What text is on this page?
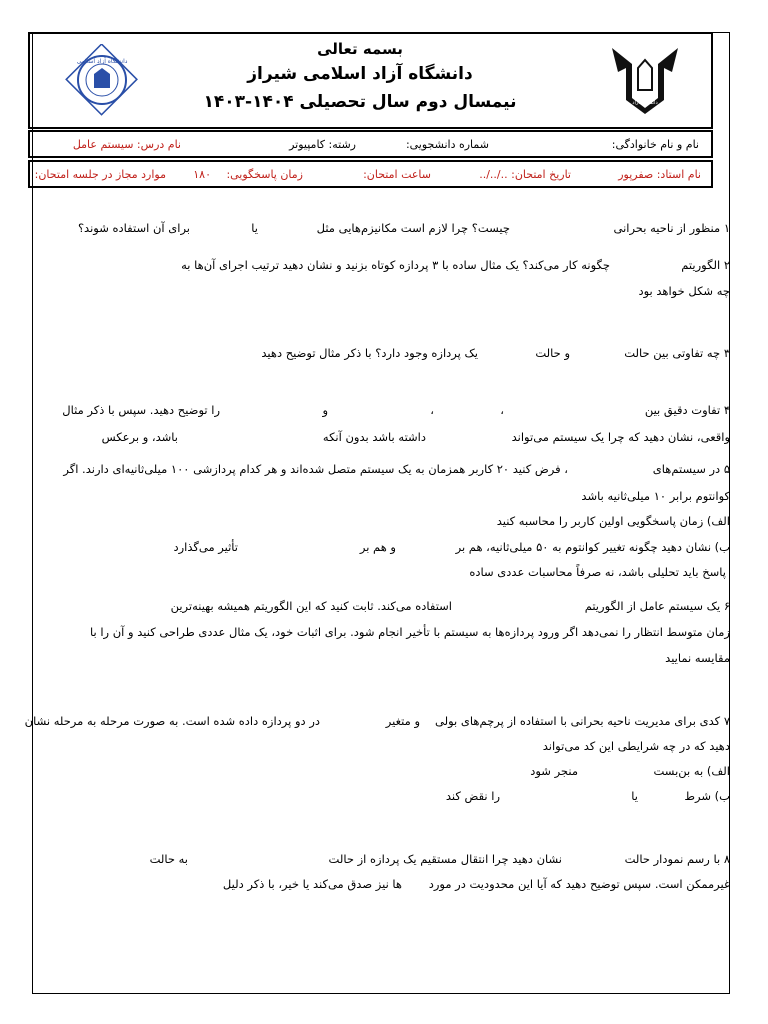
دانشگاه آزاد اسلامی
دانشگاه آزاد
بسمه تعالی
دانشگاه آزاد اسلامی شیراز
نیمسال دوم سال تحصیلی ۱۴۰۴-۱۴۰۳
نام و نام خانوادگی:
شماره دانشجویی:
رشته: کامپیوتر
نام درس: سیستم عامل
نام استاد: صفرپور
تاریخ امتحان: ../../..
ساعت امتحان:
زمان پاسخگویی:
۱۸۰
موارد مجاز در جلسه امتحان:
۱ منظور از ناحیه بحرانی
چیست؟ چرا لازم است مکانیزم‌هایی مثل
یا
برای آن استفاده شوند؟
۲ الگوریتم
چگونه کار می‌کند؟ یک مثال ساده با ۳ پردازه کوتاه بزنید و نشان دهید ترتیب اجرای آن‌ها به
چه شکل خواهد بود
۳ چه تفاوتی بین حالت
و حالت
یک پردازه وجود دارد؟ با ذکر مثال توضیح دهید
۴ تفاوت دقیق بین
،
،
و
را توضیح دهید. سپس با ذکر مثال
واقعی، نشان دهید که چرا یک سیستم می‌تواند
داشته باشد بدون آنکه
باشد، و برعکس
۵ در سیستم‌های
، فرض کنید ۲۰ کاربر همزمان به یک سیستم متصل شده‌اند و هر کدام پردازشی ۱۰۰ میلی‌ثانیه‌ای دارند. اگر
کوانتوم برابر ۱۰ میلی‌ثانیه باشد
الف) زمان پاسخگویی اولین کاربر را محاسبه کنید
ب) نشان دهید چگونه تغییر کوانتوم به ۵۰ میلی‌ثانیه، هم بر
و هم بر
تأثیر می‌گذارد
پاسخ باید تحلیلی باشد، نه صرفاً محاسبات عددی ساده
۶ یک سیستم عامل از الگوریتم
استفاده می‌کند. ثابت کنید که این الگوریتم همیشه بهینه‌ترین
زمان متوسط انتظار را نمی‌دهد اگر ورود پردازه‌ها به سیستم با تأخیر انجام شود. برای اثبات خود، یک مثال عددی طراحی کنید و آن را با
مقایسه نمایید
۷ کدی برای مدیریت ناحیه بحرانی با استفاده از پرچم‌های بولی
و متغیر
در دو پردازه داده شده است. به صورت مرحله به مرحله نشان
دهید که در چه شرایطی این کد می‌تواند
الف) به بن‌بست
منجر شود
ب) شرط
یا
را نقض کند
۸ با رسم نمودار حالت
نشان دهید چرا انتقال مستقیم یک پردازه از حالت
به حالت
غیرممکن است. سپس توضیح دهید که آیا این محدودیت در مورد
ها نیز صدق می‌کند یا خیر، با ذکر دلیل
